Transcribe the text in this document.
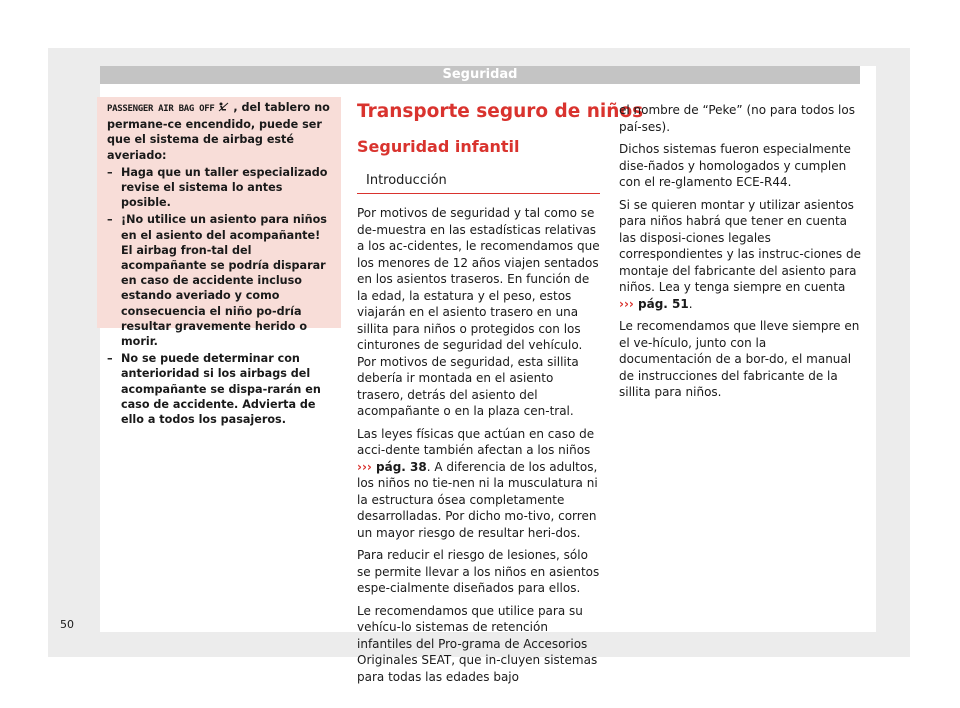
Seguridad

PASSENGER AIR BAG OFF , del tablero no permane-ce encendido, puede ser que el sistema de airbag esté averiado:

– Haga que un taller especializado revise el sistema lo antes posible.
– ¡No utilice un asiento para niños en el asiento del acompañante! El airbag fron-tal del acompañante se podría disparar en caso de accidente incluso estando averiado y como consecuencia el niño po-dría resultar gravemente herido o morir.
– No se puede determinar con anterioridad si los airbags del acompañante se dispa-rarán en caso de accidente. Advierta de ello a todos los pasajeros.
Transporte seguro de niños
Seguridad infantil
Introducción

Por motivos de seguridad y tal como se de-muestra en las estadísticas relativas a los ac-cidentes, le recomendamos que los menores de 12 años viajen sentados en los asientos traseros. En función de la edad, la estatura y el peso, estos viajarán en el asiento trasero en una sillita para niños o protegidos con los cinturones de seguridad del vehículo. Por motivos de seguridad, esta sillita debería ir montada en el asiento trasero, detrás del asiento del acompañante o en la plaza cen-tral.

Las leyes físicas que actúan en caso de acci-dente también afectan a los niños ››› pág. 38. A diferencia de los adultos, los niños no tie-nen ni la musculatura ni la estructura ósea completamente desarrolladas. Por dicho mo-tivo, corren un mayor riesgo de resultar heri-dos.

Para reducir el riesgo de lesiones, sólo se permite llevar a los niños en asientos espe-cialmente diseñados para ellos.

Le recomendamos que utilice para su vehícu-lo sistemas de retención infantiles del Pro-grama de Accesorios Originales SEAT, que in-cluyen sistemas para todas las edades bajo

el nombre de “Peke” (no para todos los paí-ses).

Dichos sistemas fueron especialmente dise-ñados y homologados y cumplen con el re-glamento ECE-R44.

Si se quieren montar y utilizar asientos para niños habrá que tener en cuenta las disposi-ciones legales correspondientes y las instruc-ciones de montaje del fabricante del asiento para niños. Lea y tenga siempre en cuenta ››› pág. 51.

Le recomendamos que lleve siempre en el ve-hículo, junto con la documentación de a bor-do, el manual de instrucciones del fabricante de la sillita para niños.

50
